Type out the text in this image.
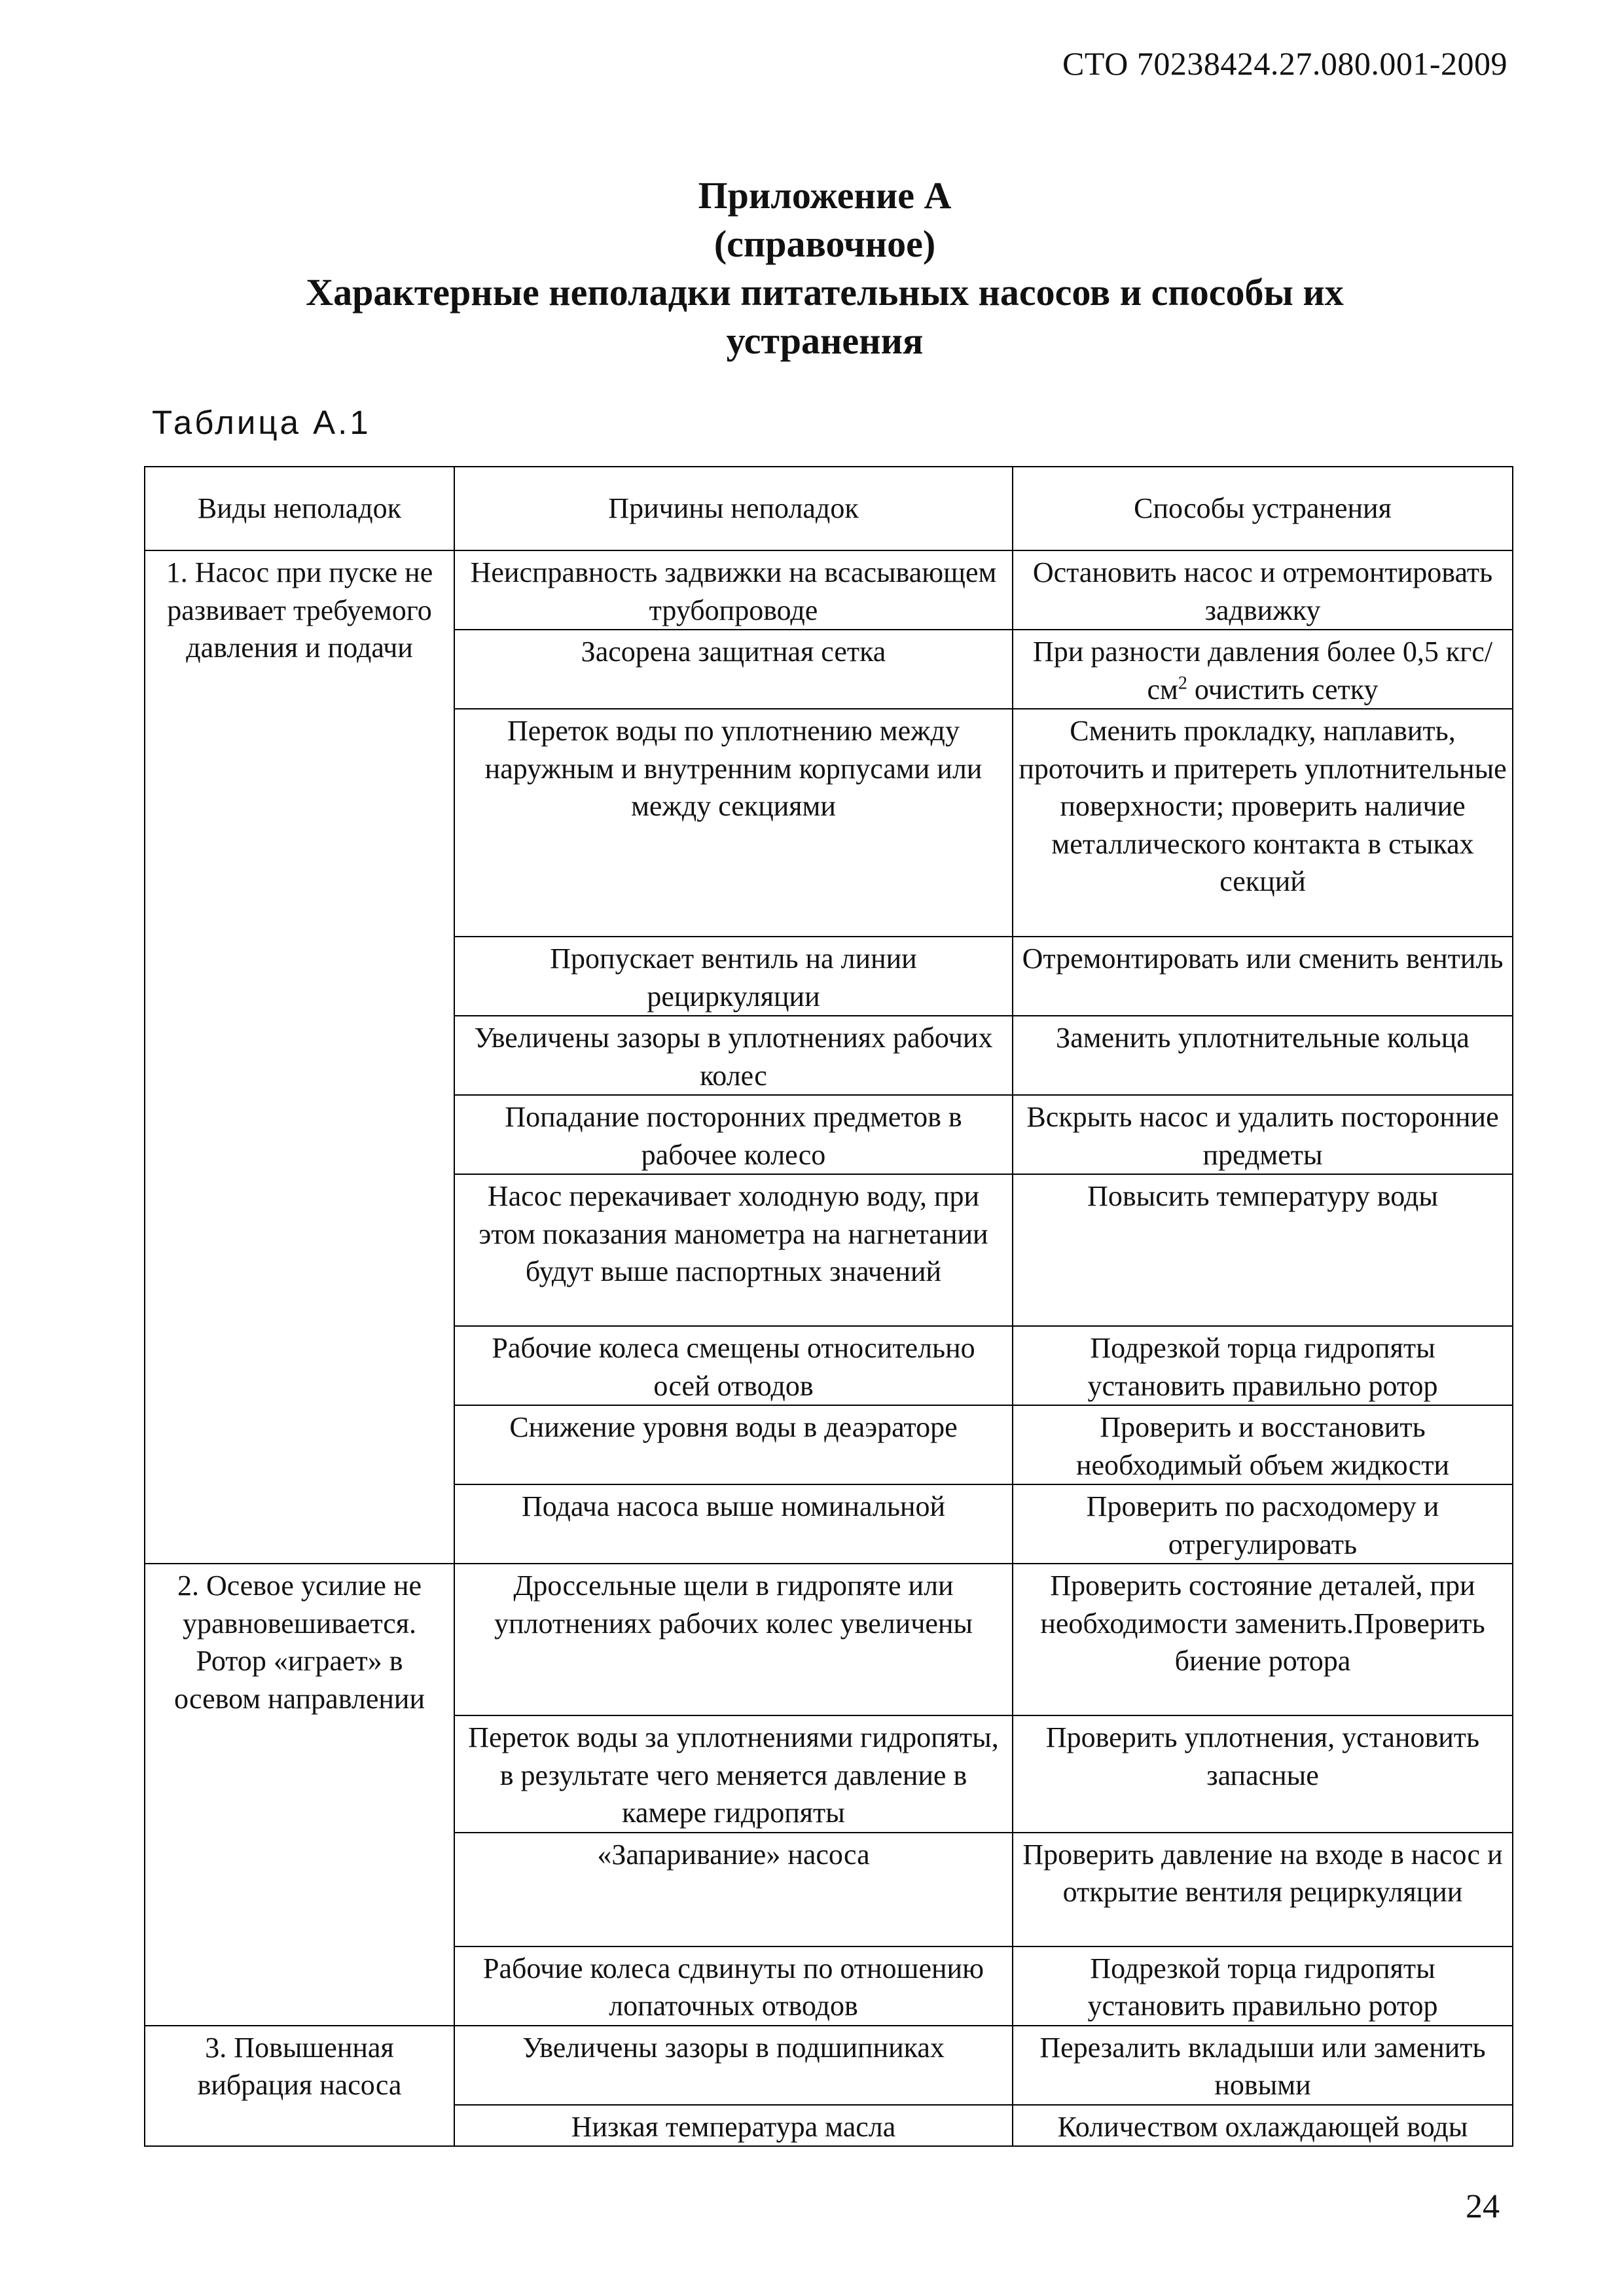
СТО 70238424.27.080.001-2009
Приложение А
(справочное)
Характерные неполадки питательных насосов и способы их
устранения
Таблица А.1
Виды неполадок	Причины неполадок	Способы устранения
1. Насос при пуске не развивает требуемого давления и подачи	Неисправность задвижки на всасывающем трубопроводе	Остановить насос и отремонтировать задвижку
	Засорена защитная сетка	При разности давления более 0,5 кгс/$см^2$ очистить сетку
	Переток воды по уплотнению между наружным и внутренним корпусами или между секциями	Сменить прокладку, наплавить, проточить и притереть уплотнительные поверхности; проверить наличие металлического контакта в стыках секций
	Пропускает вентиль на линии рециркуляции	Отремонтировать или сменить вентиль
	Увеличены зазоры в уплотнениях рабочих колес	Заменить уплотнительные кольца
	Попадание посторонних предметов в рабочее колесо	Вскрыть насос и удалить посторонние предметы
	Насос перекачивает холодную воду, при этом показания манометра на нагнетании будут выше паспортных значений	Повысить температуру воды
	Рабочие колеса смещены относительно осей отводов	Подрезкой торца гидропяты установить правильно ротор
	Снижение уровня воды в деаэраторе	Проверить и восстановить необходимый объем жидкости
	Подача насоса выше номинальной	Проверить по расходомеру и отрегулировать
2. Осевое усилие не уравновешивается. Ротор «играет» в осевом направлении	Дроссельные щели в гидропяте или уплотнениях рабочих колес увеличены	Проверить состояние деталей, при необходимости заменить.Проверить биение ротора
	Переток воды за уплотнениями гидропяты, в результате чего меняется давление в камере гидропяты	Проверить уплотнения, установить запасные
	«Запаривание» насоса	Проверить давление на входе в насос и открытие вентиля рециркуляции
	Рабочие колеса сдвинуты по отношению лопаточных отводов	Подрезкой торца гидропяты установить правильно ротор
3. Повышенная вибрация насоса	Увеличены зазоры в подшипниках	Перезалить вкладыши или заменить новыми
	Низкая температура масла	Количеством охлаждающей воды
24
